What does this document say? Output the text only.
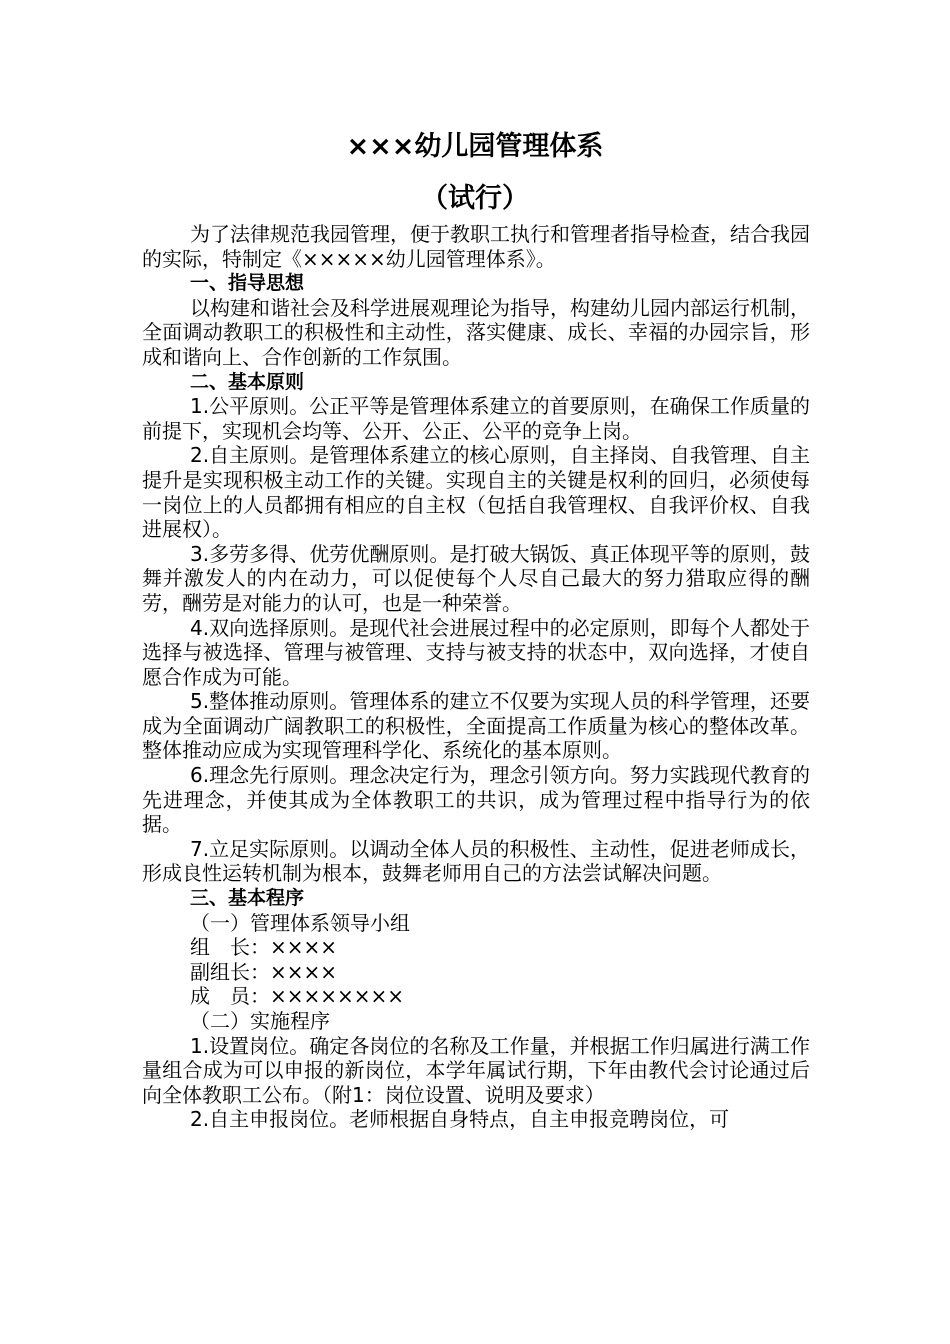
×××幼儿园管理体系
（试行）

为了法律规范我园管理，便于教职工执行和管理者指导检查，结合我园的实际，特制定《×××××幼儿园管理体系》。

一、指导思想

以构建和谐社会及科学进展观理论为指导，构建幼儿园内部运行机制，全面调动教职工的积极性和主动性，落实健康、成长、幸福的办园宗旨，形成和谐向上、合作创新的工作氛围。

二、基本原则

1.公平原则。公正平等是管理体系建立的首要原则，在确保工作质量的前提下，实现机会均等、公开、公正、公平的竞争上岗。

2.自主原则。是管理体系建立的核心原则，自主择岗、自我管理、自主提升是实现积极主动工作的关键。实现自主的关键是权利的回归，必须使每一岗位上的人员都拥有相应的自主权（包括自我管理权、自我评价权、自我进展权）。

3.多劳多得、优劳优酬原则。是打破大锅饭、真正体现平等的原则，鼓舞并激发人的内在动力，可以促使每个人尽自己最大的努力猎取应得的酬劳，酬劳是对能力的认可，也是一种荣誉。

4.双向选择原则。是现代社会进展过程中的必定原则，即每个人都处于选择与被选择、管理与被管理、支持与被支持的状态中，双向选择，才使自愿合作成为可能。

5.整体推动原则。管理体系的建立不仅要为实现人员的科学管理，还要成为全面调动广阔教职工的积极性，全面提高工作质量为核心的整体改革。整体推动应成为实现管理科学化、系统化的基本原则。

6.理念先行原则。理念决定行为，理念引领方向。努力实践现代教育的先进理念，并使其成为全体教职工的共识，成为管理过程中指导行为的依据。

7.立足实际原则。以调动全体人员的积极性、主动性，促进老师成长，形成良性运转机制为根本，鼓舞老师用自己的方法尝试解决问题。

三、基本程序

（一）管理体系领导小组

组　长：××××

副组长：××××

成　员：××××××××

（二）实施程序

1.设置岗位。确定各岗位的名称及工作量，并根据工作归属进行满工作量组合成为可以申报的新岗位，本学年属试行期，下年由教代会讨论通过后向全体教职工公布。（附1：岗位设置、说明及要求）

2.自主申报岗位。老师根据自身特点，自主申报竞聘岗位，可
